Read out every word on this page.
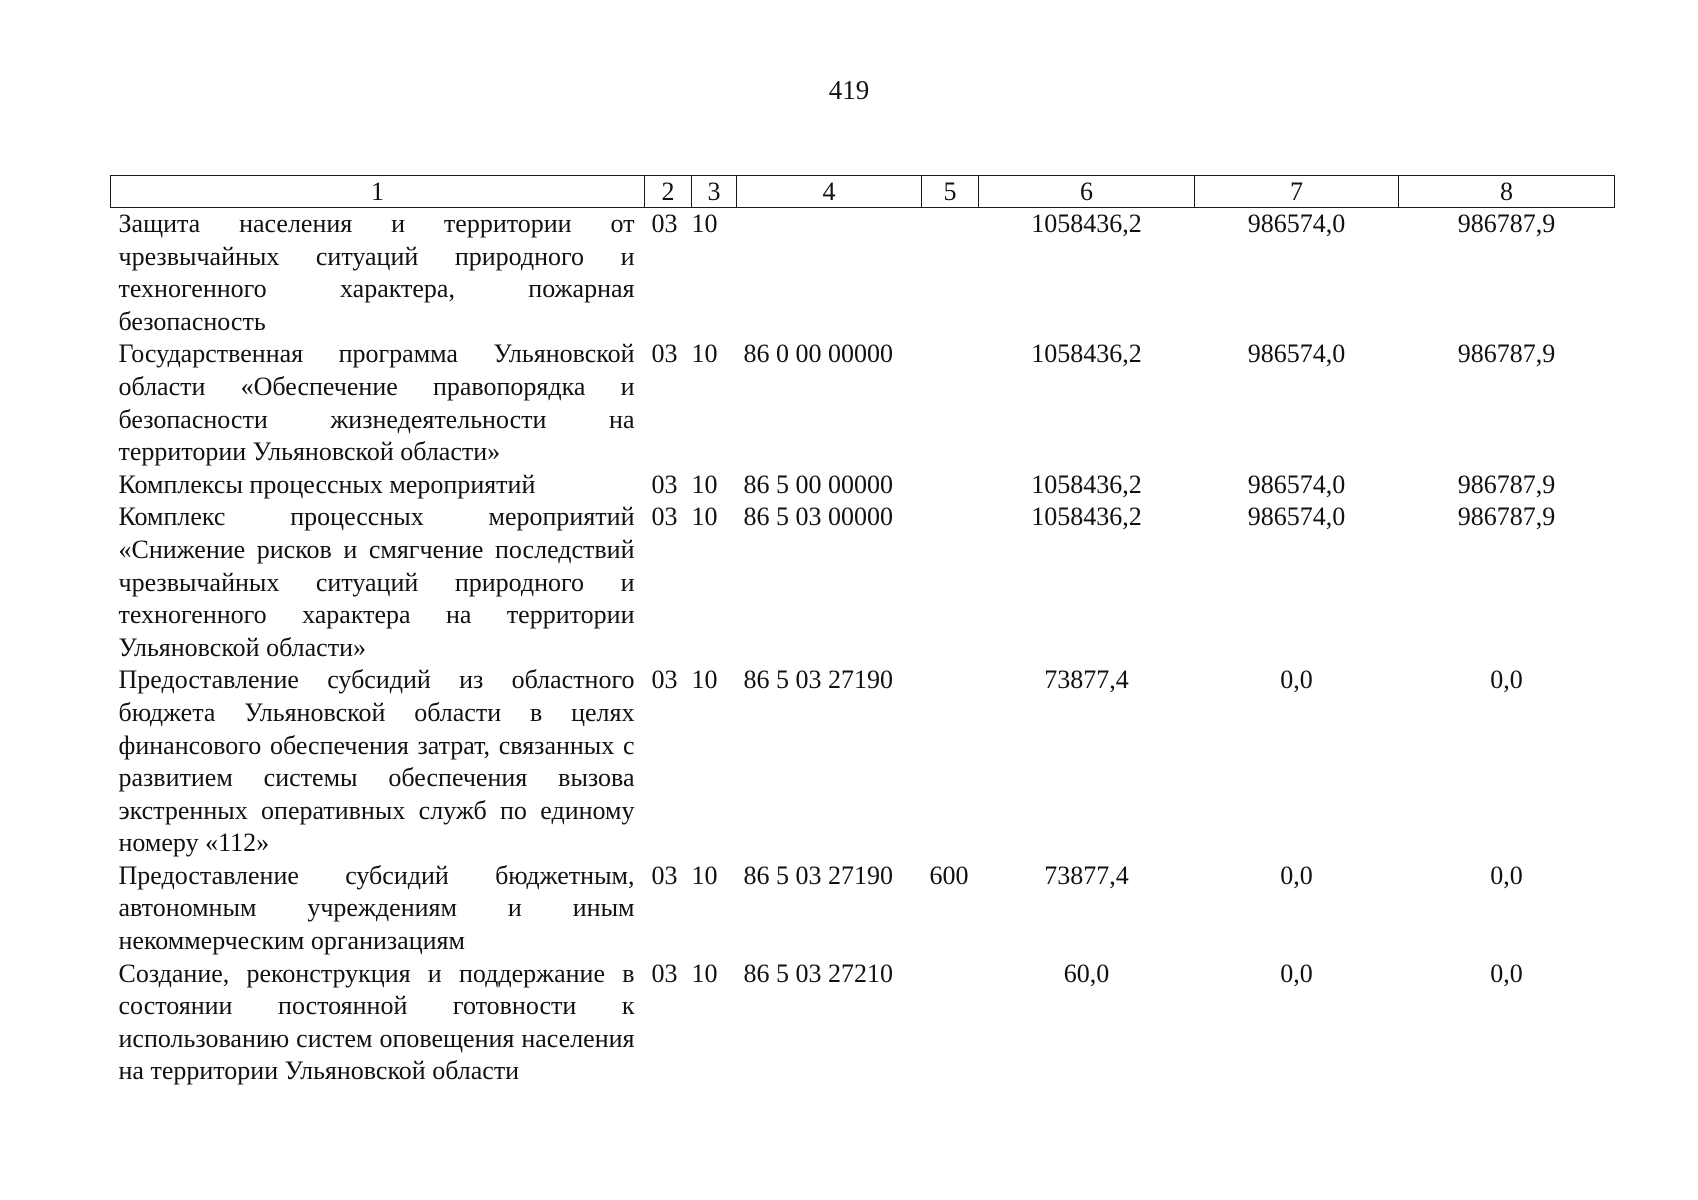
419
1	2	3	4	5	6	7	8
Защита населения и территории от чрезвычайных ситуаций природного и техногенного характера, пожарная безопасность	03	10			1058436,2	986574,0	986787,9
Государственная программа Ульяновской области «Обеспечение правопорядка и безопасности жизнедеятельности на территории Ульяновской области»	03	10	86 0 00 00000		1058436,2	986574,0	986787,9
Комплексы процессных мероприятий	03	10	86 5 00 00000		1058436,2	986574,0	986787,9
Комплекс процессных мероприятий «Снижение рисков и смягчение последствий чрезвычайных ситуаций природного и техногенного характера на территории Ульяновской области»	03	10	86 5 03 00000		1058436,2	986574,0	986787,9
Предоставление субсидий из областного бюджета Ульяновской области в целях финансового обеспечения затрат, связанных с развитием системы обеспечения вызова экстренных оперативных служб по единому номеру «112»	03	10	86 5 03 27190		73877,4	0,0	0,0
Предоставление субсидий бюджетным, автономным учреждениям и иным некоммерческим организациям	03	10	86 5 03 27190	600	73877,4	0,0	0,0
Создание, реконструкция и поддержание в состоянии постоянной готовности к использованию систем оповещения населения на территории Ульяновской области	03	10	86 5 03 27210		60,0	0,0	0,0
